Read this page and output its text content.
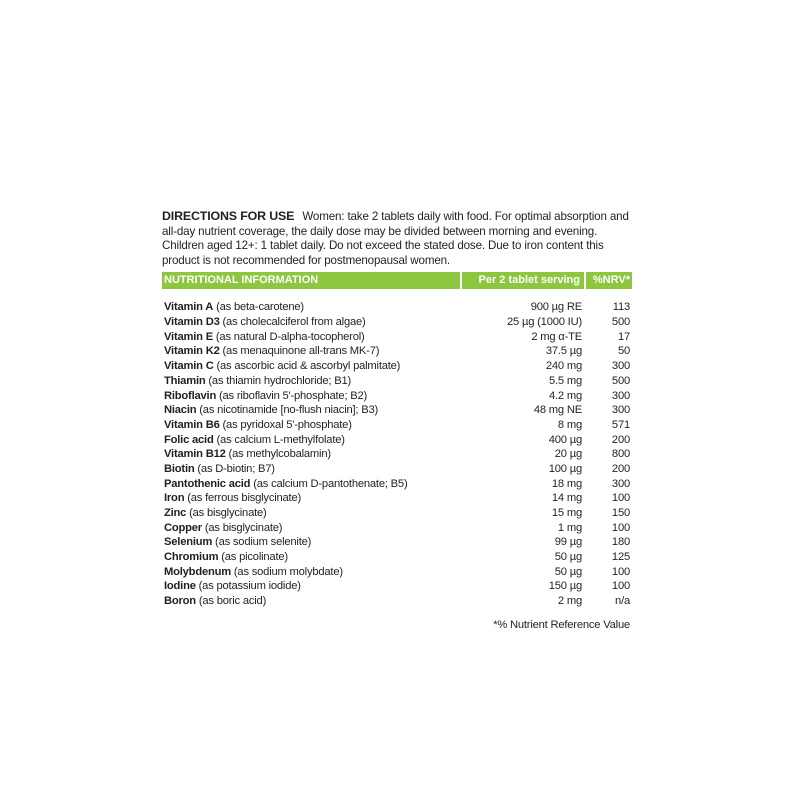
DIRECTIONS FOR USE Women: take 2 tablets daily with food. For optimal absorption and all-day nutrient coverage, the daily dose may be divided between morning and evening. Children aged 12+: 1 tablet daily. Do not exceed the stated dose. Due to iron content this product is not recommended for postmenopausal women.

NUTRITIONAL INFORMATION	Per 2 tablet serving	%NRV*
Vitamin A (as beta-carotene)	900 µg RE	113
Vitamin D3 (as cholecalciferol from algae)	25 µg (1000 IU)	500
Vitamin E (as natural D-alpha-tocopherol)	2 mg α-TE	17
Vitamin K2 (as menaquinone all-trans MK-7)	37.5 µg	50
Vitamin C (as ascorbic acid & ascorbyl palmitate)	240 mg	300
Thiamin (as thiamin hydrochloride; B1)	5.5 mg	500
Riboflavin (as riboflavin 5'-phosphate; B2)	4.2 mg	300
Niacin (as nicotinamide [no-flush niacin]; B3)	48 mg NE	300
Vitamin B6 (as pyridoxal 5'-phosphate)	8 mg	571
Folic acid (as calcium L-methylfolate)	400 µg	200
Vitamin B12 (as methylcobalamin)	20 µg	800
Biotin (as D-biotin; B7)	100 µg	200
Pantothenic acid (as calcium D-pantothenate; B5)	18 mg	300
Iron (as ferrous bisglycinate)	14 mg	100
Zinc (as bisglycinate)	15 mg	150
Copper (as bisglycinate)	1 mg	100
Selenium (as sodium selenite)	99 µg	180
Chromium (as picolinate)	50 µg	125
Molybdenum (as sodium molybdate)	50 µg	100
Iodine (as potassium iodide)	150 µg	100
Boron (as boric acid)	2 mg	n/a
*% Nutrient Reference Value
